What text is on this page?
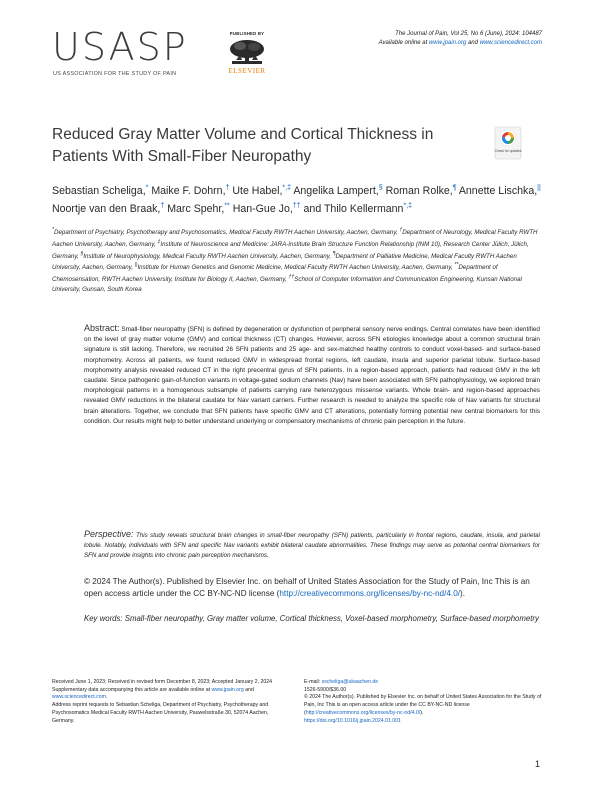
USASP
US ASSOCIATION FOR THE STUDY OF PAIN
PUBLISHED BY
ELSEVIER
The Journal of Pain, Vol 25, No 6 (June), 2024: 104487
Available online at www.jpain.org and www.sciencedirect.com
Reduced Gray Matter Volume and Cortical Thickness in Patients With Small-Fiber Neuropathy	Check for updates
Sebastian Scheliga,* Maike F. Dohrn,† Ute Habel,*,‡ Angelika Lampert,§ Roman Rolke,¶ Annette Lischka,|| Noortje van den Braak,† Marc Spehr,** Han-Gue Jo,†† and Thilo Kellermann*,‡
*Department of Psychiatry, Psychotherapy and Psychosomatics, Medical Faculty RWTH Aachen University, Aachen, Germany, †Department of Neurology, Medical Faculty RWTH Aachen University, Aachen, Germany, ‡Institute of Neuroscience and Medicine: JARA-Institute Brain Structure Function Relationship (INM 10), Research Center Jülich, Jülich, Germany, §Institute of Neurophysiology, Medical Faculty RWTH Aachen University, Aachen, Germany, ¶Department of Palliative Medicine, Medical Faculty RWTH Aachen University, Aachen, Germany, ||Institute for Human Genetics and Genomic Medicine, Medical Faculty RWTH Aachen University, Aachen, Germany, **Department of Chemosensation, RWTH Aachen University, Institute for Biology II, Aachen, Germany, ††School of Computer Information and Communication Engineering, Kunsan National University, Gunsan, South Korea
Abstract: Small-fiber neuropathy (SFN) is defined by degeneration or dysfunction of peripheral sensory nerve endings. Central correlates have been identified on the level of gray matter volume (GMV) and cortical thickness (CT) changes. However, across SFN etiologies knowledge about a common structural brain signature is still lacking. Therefore, we recruited 26 SFN patients and 25 age- and sex-matched healthy controls to conduct voxel-based- and surface-based morphometry. Across all patients, we found reduced GMV in widespread frontal regions, left caudate, insula and superior parietal lobule. Surface-based morphometry analysis revealed reduced CT in the right precentral gyrus of SFN patients. In a region-based approach, patients had reduced GMV in the left caudate. Since pathogenic gain-of-function variants in voltage-gated sodium channels (Nav) have been associated with SFN pathophysiology, we explored brain morphological patterns in a homogenous subsample of patients carrying rare heterozygous missense variants. Whole brain- and region-based approaches revealed GMV reductions in the bilateral caudate for Nav variant carriers. Further research is needed to analyze the specific role of Nav variants for structural brain alterations. Together, we conclude that SFN patients have specific GMV and CT alterations, potentially forming potential new central biomarkers for this condition. Our results might help to better understand underlying or compensatory mechanisms of chronic pain perception in the future.
Perspective: This study reveals structural brain changes in small-fiber neuropathy (SFN) patients, particularly in frontal regions, caudate, insula, and parietal lobule. Notably, individuals with SFN and specific Nav variants exhibit bilateral caudate abnormalities. These findings may serve as potential central biomarkers for SFN and provide insights into chronic pain perception mechanisms.
© 2024 The Author(s). Published by Elsevier Inc. on behalf of United States Association for the Study of Pain, Inc This is an open access article under the CC BY-NC-ND license (http://creativecommons.org/licenses/by-nc-nd/4.0/).
Key words: Small-fiber neuropathy, Gray matter volume, Cortical thickness, Voxel-based morphometry, Surface-based morphometry
Received June 1, 2023; Received in revised form December 8, 2023; Accepted January 2, 2024
Supplementary data accompanying this article are available online at www.jpain.org and www.sciencedirect.com.
Address reprint requests to Sebastian Scheliga, Department of Psychiatry, Psychotherapy and Psychosomatics Medical Faculty RWTH Aachen University, Pauwelsstraße 30, 52074 Aachen, Germany.
E-mail: sscheliga@ukaachen.de
1526-5900/$36.00
© 2024 The Author(s). Published by Elsevier Inc. on behalf of United States Association for the Study of Pain, Inc This is an open access article under the CC BY-NC-ND license (http://creativecommons.org/licenses/by-nc-nd/4.0/).
https://doi.org/10.1016/j.jpain.2024.01.001
1
